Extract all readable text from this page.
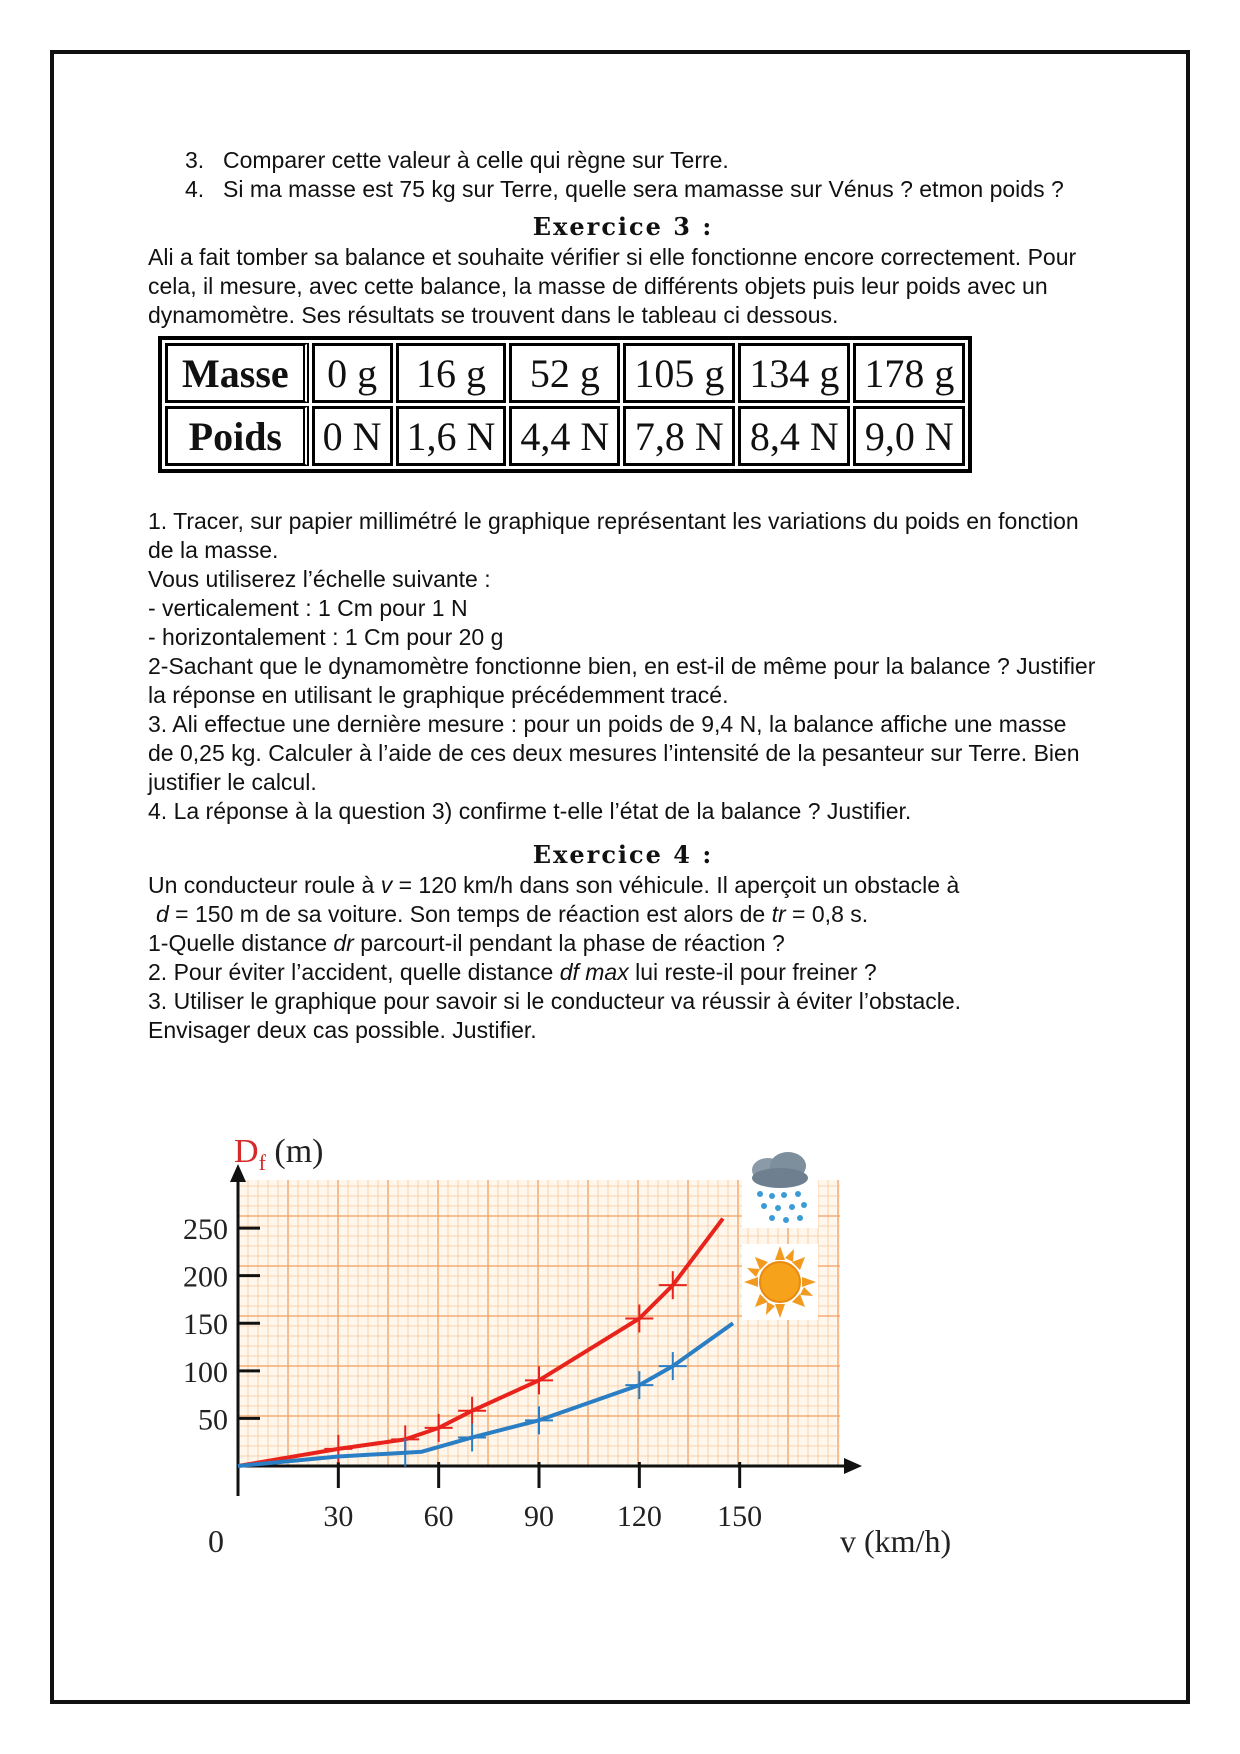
3. Comparer cette valeur à celle qui règne sur Terre.
4. Si ma masse est 75 kg sur Terre, quelle sera mamasse sur Vénus ? etmon poids ?
Exercice 3 :

Ali a fait tomber sa balance et souhaite vérifier si elle fonctionne encore correctement. Pour cela, il mesure, avec cette balance, la masse de différents objets puis leur poids avec un dynamomètre. Ses résultats se trouvent dans le tableau ci dessous.

Masse	0 g	16 g	52 g	105 g	134 g	178 g
Poids	0 N	1,6 N	4,4 N	7,8 N	8,4 N	9,0 N

1. Tracer, sur papier millimétré le graphique représentant les variations du poids en fonction de la masse.

Vous utiliserez l’échelle suivante :

- verticalement : 1 Cm pour 1 N

- horizontalement : 1 Cm pour 20 g

2-Sachant que le dynamomètre fonctionne bien, en est-il de même pour la balance ? Justifier la réponse en utilisant le graphique précédemment tracé.

3. Ali effectue une dernière mesure : pour un poids de 9,4 N, la balance affiche une masse de 0,25 kg. Calculer à l’aide de ces deux mesures l’intensité de la pesanteur sur Terre. Bien justifier le calcul.

4. La réponse à la question 3) confirme t-elle l’état de la balance ? Justifier.

Exercice 4 :

Un conducteur roule à v = 120 km/h dans son véhicule. Il aperçoit un obstacle à

d = 150 m de sa voiture. Son temps de réaction est alors de tr = 0,8 s.

1-Quelle distance dr parcourt-il pendant la phase de réaction ?

2. Pour éviter l’accident, quelle distance df max lui reste-il pour freiner ?

3. Utiliser le graphique pour savoir si le conducteur va réussir à éviter l’obstacle.

Envisager deux cas possible. Justifier.

30 60 90 120 150
50
100
150
200
250
$D_f$ (m)
v (km/h)
0
